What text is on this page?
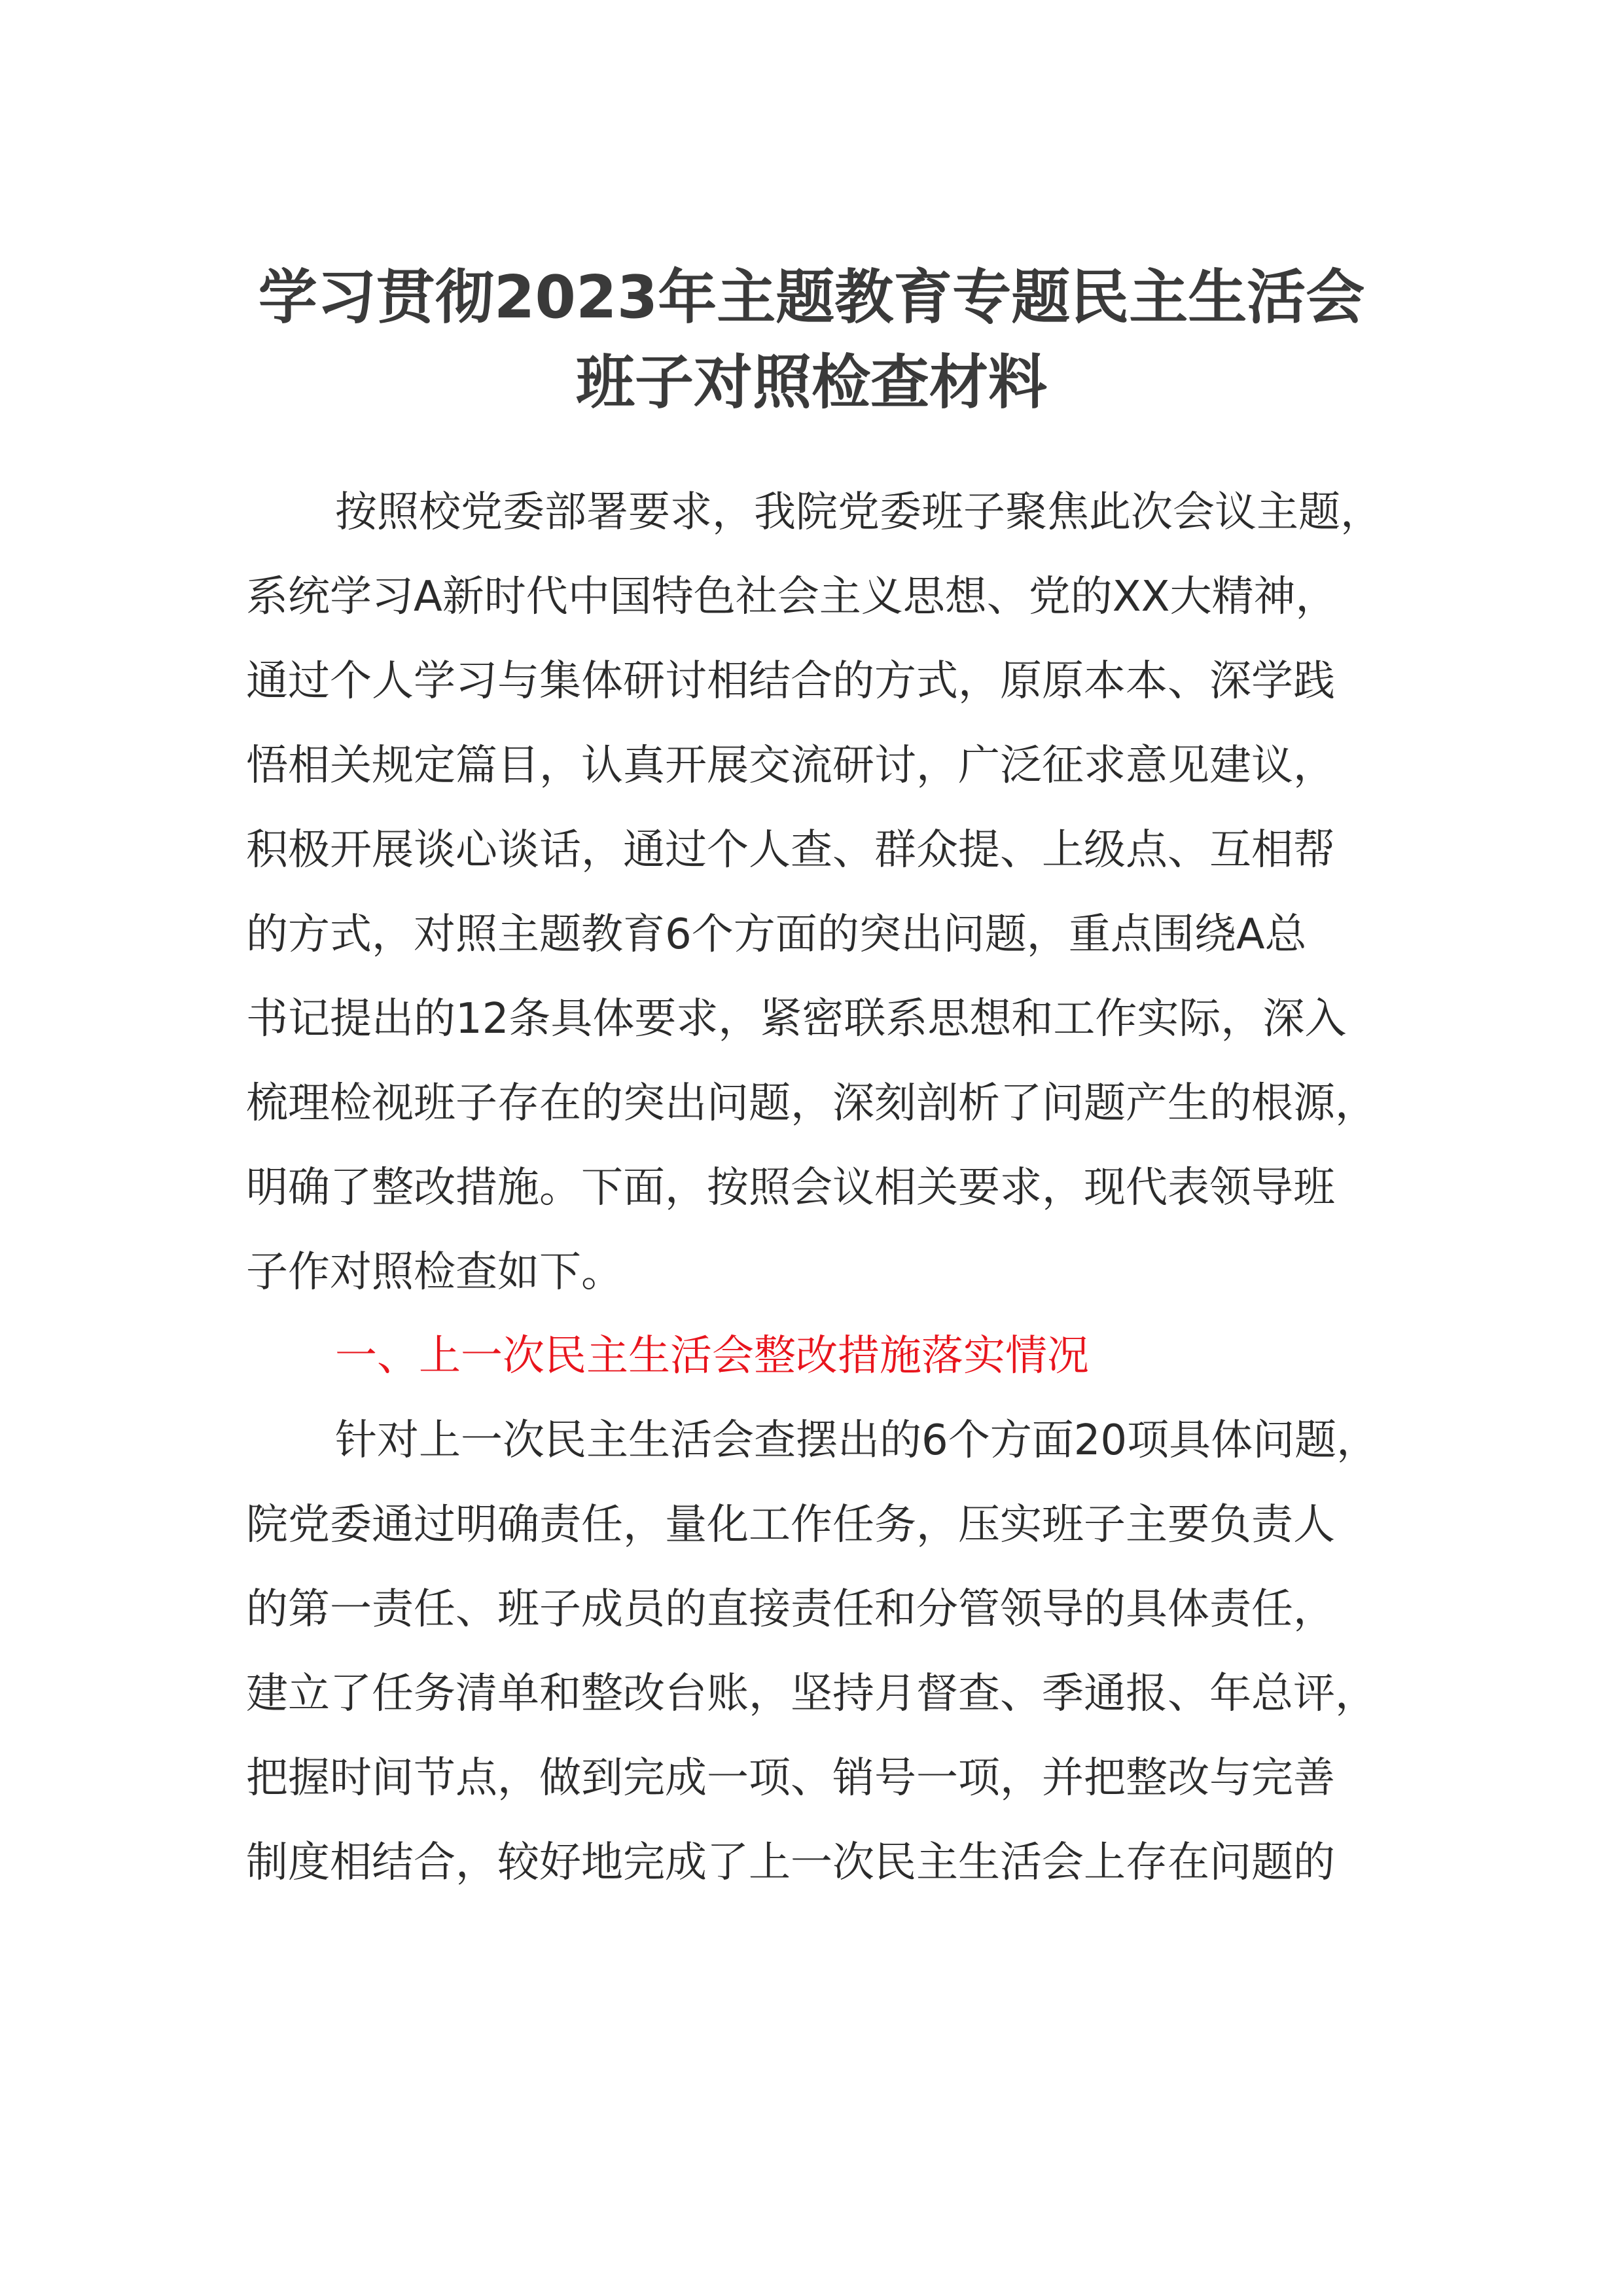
学习贯彻2023年主题教育专题民主生活会
班子对照检查材料
按照校党委部署要求，我院党委班子聚焦此次会议主题，
系统学习A新时代中国特色社会主义思想、党的XX大精神，
通过个人学习与集体研讨相结合的方式，原原本本、深学践
悟相关规定篇目，认真开展交流研讨，广泛征求意见建议，
积极开展谈心谈话，通过个人查、群众提、上级点、互相帮
的方式，对照主题教育6个方面的突出问题，重点围绕A总
书记提出的12条具体要求，紧密联系思想和工作实际，深入
梳理检视班子存在的突出问题，深刻剖析了问题产生的根源，
明确了整改措施。下面，按照会议相关要求，现代表领导班
子作对照检查如下。
一、上一次民主生活会整改措施落实情况
针对上一次民主生活会查摆出的6个方面20项具体问题，
院党委通过明确责任，量化工作任务，压实班子主要负责人
的第一责任、班子成员的直接责任和分管领导的具体责任，
建立了任务清单和整改台账，坚持月督查、季通报、年总评，
把握时间节点，做到完成一项、销号一项，并把整改与完善
制度相结合，较好地完成了上一次民主生活会上存在问题的
